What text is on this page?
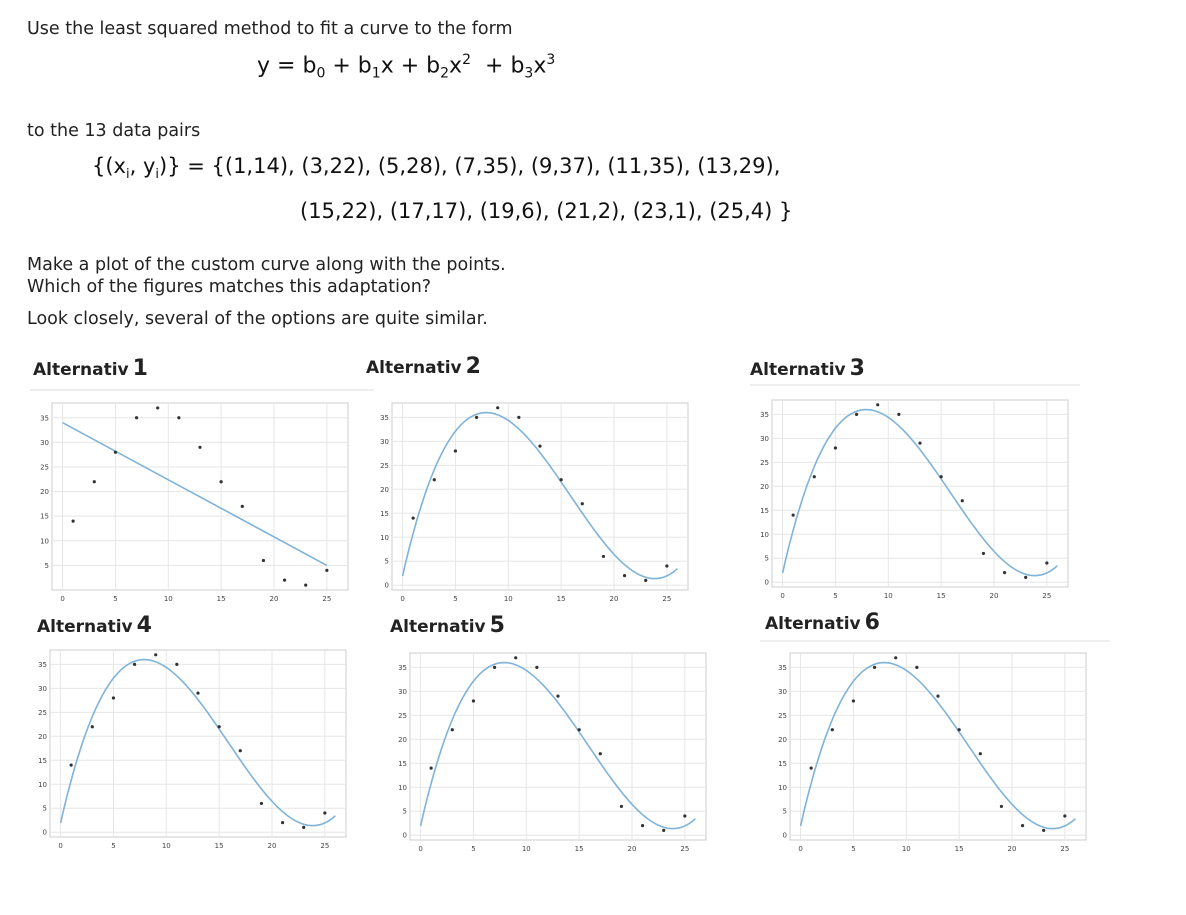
Use the least squared method to fit a curve to the form
$y = b_0 + b_1x + b_2x^2 + b_3x^3$
to the 13 data pairs
{($x_i$, $y_i)\} = \{(1,14)$, (3,22), (5,28), (7,35), (9,37), (11,35), (13,29),
(15,22), (17,17), (19,6), (21,2), (23,1), (25,4) }
Make a plot of the custom curve along with the points.
Which of the figures matches this adaptation?
Look closely, several of the options are quite similar.
Alternativ 1	Alternativ 2	Alternativ 3
Alternativ 4	Alternativ 5	Alternativ 6
0	5	10	15	20	25
5
10
15
20
25
30
35
0	5	10	15	20	25
0
5
10
15
20
25
30
35
0	5	10	15	20	25
0
5
10
15
20
25
30
35
0	5	10	15	20	25
0
5
10
15
20
25
30
35
0	5	10	15	20	25
0
5
10
15
20
25
30
35
0	5	10	15	20	25
0
5
10
15
20
25
30
35
